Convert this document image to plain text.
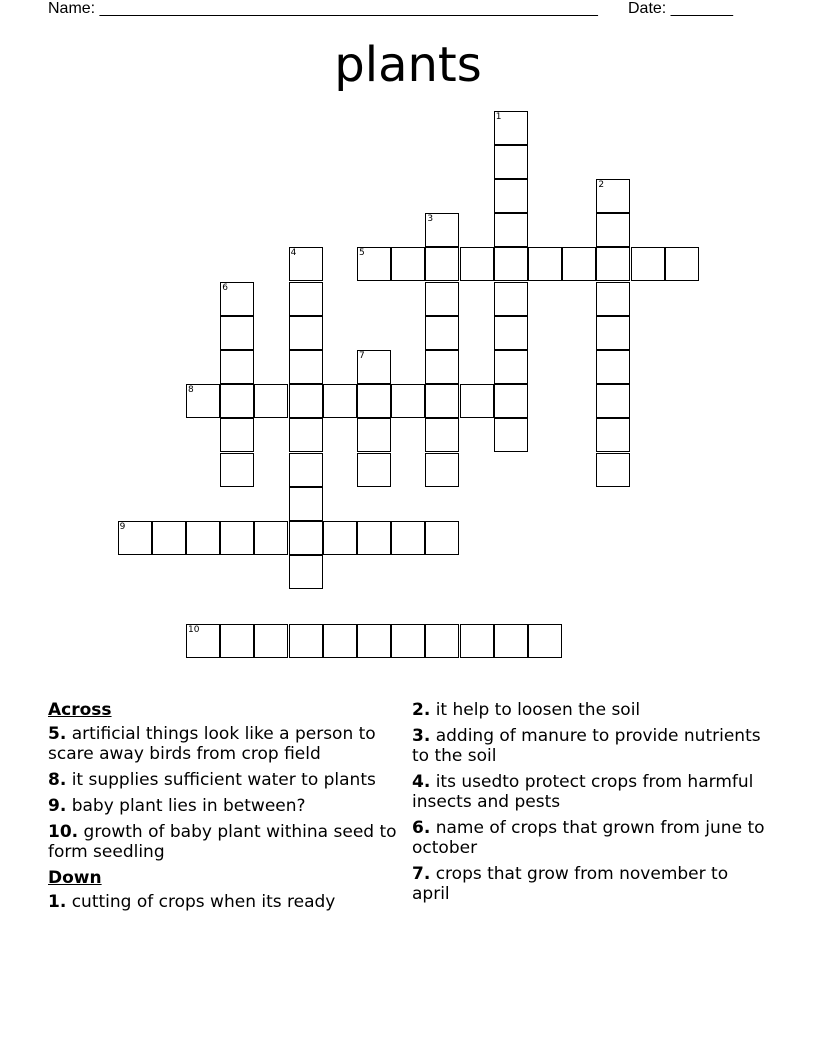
Name: ________________________________________________________ Date: _______
plants
1
2
3
4	5
6
7
8
9
10
Across
5. artificial things look like a person to scare away birds from crop field
8. it supplies sufficient water to plants
9. baby plant lies in between?
10. growth of baby plant withina seed to form seedling
Down
1. cutting of crops when its ready
2. it help to loosen the soil
3. adding of manure to provide nutrients to the soil
4. its usedto protect crops from harmful insects and pests
6. name of crops that grown from june to october
7. crops that grow from november to april
